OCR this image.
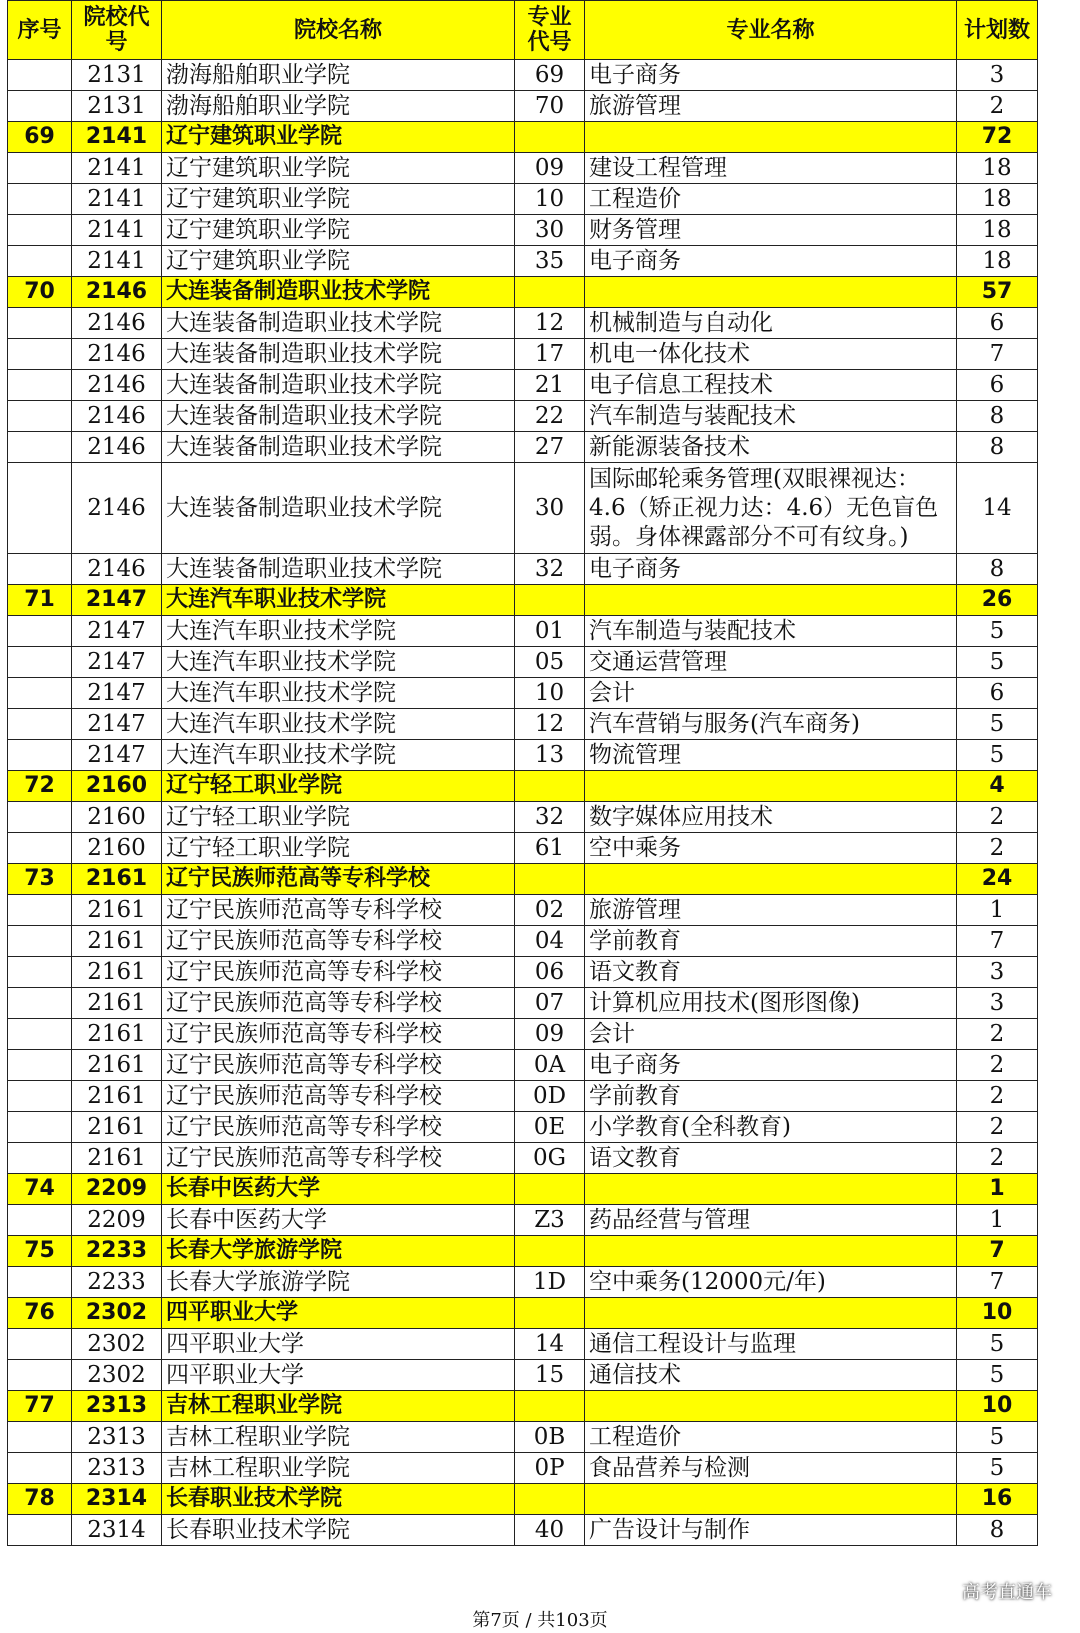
序号	院校代号	院校名称	专业代号	专业名称	计划数
	2131	渤海船舶职业学院	69	电子商务	3
	2131	渤海船舶职业学院	70	旅游管理	2
69	2141	辽宁建筑职业学院			72
	2141	辽宁建筑职业学院	09	建设工程管理	18
	2141	辽宁建筑职业学院	10	工程造价	18
	2141	辽宁建筑职业学院	30	财务管理	18
	2141	辽宁建筑职业学院	35	电子商务	18
70	2146	大连装备制造职业技术学院			57
	2146	大连装备制造职业技术学院	12	机械制造与自动化	6
	2146	大连装备制造职业技术学院	17	机电一体化技术	7
	2146	大连装备制造职业技术学院	21	电子信息工程技术	6
	2146	大连装备制造职业技术学院	22	汽车制造与装配技术	8
	2146	大连装备制造职业技术学院	27	新能源装备技术	8
	2146	大连装备制造职业技术学院	30	国际邮轮乘务管理(双眼裸视达：4.6（矫正视力达：4.6）无色盲色弱。身体裸露部分不可有纹身。)	14
	2146	大连装备制造职业技术学院	32	电子商务	8
71	2147	大连汽车职业技术学院			26
	2147	大连汽车职业技术学院	01	汽车制造与装配技术	5
	2147	大连汽车职业技术学院	05	交通运营管理	5
	2147	大连汽车职业技术学院	10	会计	6
	2147	大连汽车职业技术学院	12	汽车营销与服务(汽车商务)	5
	2147	大连汽车职业技术学院	13	物流管理	5
72	2160	辽宁轻工职业学院			4
	2160	辽宁轻工职业学院	32	数字媒体应用技术	2
	2160	辽宁轻工职业学院	61	空中乘务	2
73	2161	辽宁民族师范高等专科学校			24
	2161	辽宁民族师范高等专科学校	02	旅游管理	1
	2161	辽宁民族师范高等专科学校	04	学前教育	7
	2161	辽宁民族师范高等专科学校	06	语文教育	3
	2161	辽宁民族师范高等专科学校	07	计算机应用技术(图形图像)	3
	2161	辽宁民族师范高等专科学校	09	会计	2
	2161	辽宁民族师范高等专科学校	0A	电子商务	2
	2161	辽宁民族师范高等专科学校	0D	学前教育	2
	2161	辽宁民族师范高等专科学校	0E	小学教育(全科教育)	2
	2161	辽宁民族师范高等专科学校	0G	语文教育	2
74	2209	长春中医药大学			1
	2209	长春中医药大学	Z3	药品经营与管理	1
75	2233	长春大学旅游学院			7
	2233	长春大学旅游学院	1D	空中乘务(12000元/年)	7
76	2302	四平职业大学			10
	2302	四平职业大学	14	通信工程设计与监理	5
	2302	四平职业大学	15	通信技术	5
77	2313	吉林工程职业学院			10
	2313	吉林工程职业学院	0B	工程造价	5
	2313	吉林工程职业学院	0P	食品营养与检测	5
78	2314	长春职业技术学院			16
	2314	长春职业技术学院	40	广告设计与制作	8
高考直通车
第7页 / 共103页
